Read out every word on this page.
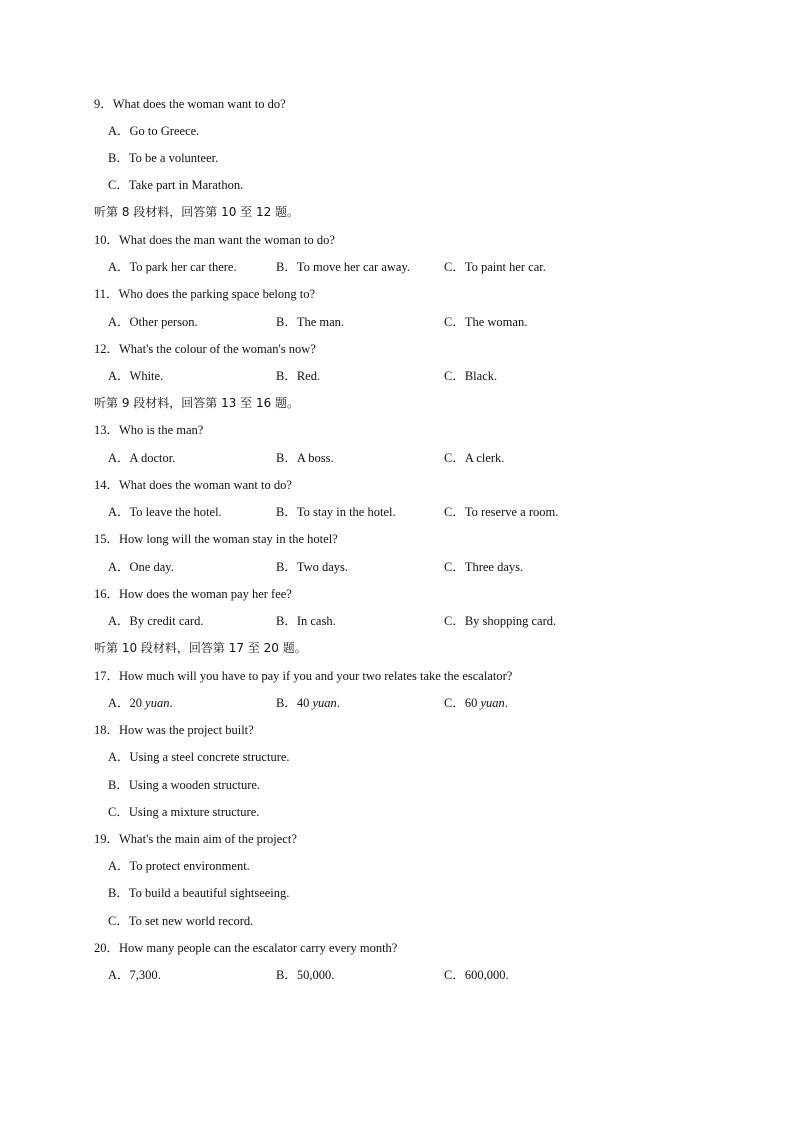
9．What does the woman want to do?
A．Go to Greece.
B．To be a volunteer.
C．Take part in Marathon.
听第 8 段材料，回答第 10 至 12 题。
10．What does the man want the woman to do?
A．To park her car there.	B．To move her car away.	C．To paint her car.
11．Who does the parking space belong to?
A．Other person.	B．The man.	C．The woman.
12．What's the colour of the woman's now?
A．White.	B．Red.	C．Black.
听第 9 段材料，回答第 13 至 16 题。
13．Who is the man?
A．A doctor.	B．A boss.	C．A clerk.
14．What does the woman want to do?
A．To leave the hotel.	B．To stay in the hotel.	C．To reserve a room.
15．How long will the woman stay in the hotel?
A．One day.	B．Two days.	C．Three days.
16．How does the woman pay her fee?
A．By credit card.	B．In cash.	C．By shopping card.
听第 10 段材料，回答第 17 至 20 题。
17．How much will you have to pay if you and your two relates take the escalator?
A．20 yuan.	B．40 yuan.	C．60 yuan.
18．How was the project built?
A．Using a steel concrete structure.
B．Using a wooden structure.
C．Using a mixture structure.
19．What's the main aim of the project?
A．To protect environment.
B．To build a beautiful sightseeing.
C．To set new world record.
20．How many people can the escalator carry every month?
A．7,300.	B．50,000.	C．600,000.
